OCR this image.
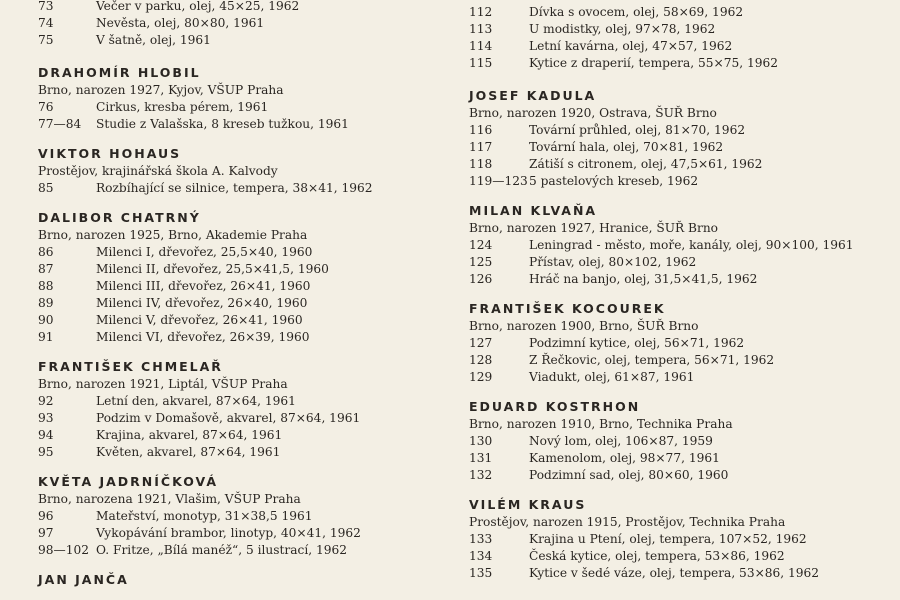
73	Večer v parku, olej, 45×25, 1962
74	Nevěsta, olej, 80×80, 1961
75	V šatně, olej, 1961
DRAHOMÍR HLOBIL
Brno, narozen 1927, Kyjov, VŠUP Praha
76	Cirkus, kresba pérem, 1961
77—84	Studie z Valašska, 8 kreseb tužkou, 1961
VIKTOR HOHAUS
Prostějov, krajinářská škola A. Kalvody
85	Rozbíhající se silnice, tempera, 38×41, 1962
DALIBOR CHATRNÝ
Brno, narozen 1925, Brno, Akademie Praha
86	Milenci I, dřevořez, 25,5×40, 1960
87	Milenci II, dřevořez, 25,5×41,5, 1960
88	Milenci III, dřevořez, 26×41, 1960
89	Milenci IV, dřevořez, 26×40, 1960
90	Milenci V, dřevořez, 26×41, 1960
91	Milenci VI, dřevořez, 26×39, 1960
FRANTIŠEK CHMELAŘ
Brno, narozen 1921, Liptál, VŠUP Praha
92	Letní den, akvarel, 87×64, 1961
93	Podzim v Domašově, akvarel, 87×64, 1961
94	Krajina, akvarel, 87×64, 1961
95	Květen, akvarel, 87×64, 1961
KVĚTA JADRNÍČKOVÁ
Brno, narozena 1921, Vlašim, VŠUP Praha
96	Mateřství, monotyp, 31×38,5 1961
97	Vykopávání brambor, linotyp, 40×41, 1962
98—102 O. Fritze, „Bílá manéž“, 5 ilustrací, 1962
JAN JANČA
112	Dívka s ovocem, olej, 58×69, 1962
113	U modistky, olej, 97×78, 1962
114	Letní kavárna, olej, 47×57, 1962
115	Kytice z draperií, tempera, 55×75, 1962
JOSEF KADULA
Brno, narozen 1920, Ostrava, ŠUŘ Brno
116	Tovární průhled, olej, 81×70, 1962
117	Tovární hala, olej, 70×81, 1962
118	Zátiší s citronem, olej, 47,5×61, 1962
119—123 5 pastelových kreseb, 1962
MILAN KLVAŇA
Brno, narozen 1927, Hranice, ŠUŘ Brno
124	Leningrad - město, moře, kanály, olej, 90×100, 1961
125	Přístav, olej, 80×102, 1962
126	Hráč na banjo, olej, 31,5×41,5, 1962
FRANTIŠEK KOCOUREK
Brno, narozen 1900, Brno, ŠUŘ Brno
127	Podzimní kytice, olej, 56×71, 1962
128	Z Řečkovic, olej, tempera, 56×71, 1962
129	Viadukt, olej, 61×87, 1961
EDUARD KOSTRHON
Brno, narozen 1910, Brno, Technika Praha
130	Nový lom, olej, 106×87, 1959
131	Kamenolom, olej, 98×77, 1961
132	Podzimní sad, olej, 80×60, 1960
VILÉM KRAUS
Prostějov, narozen 1915, Prostějov, Technika Praha
133	Krajina u Ptení, olej, tempera, 107×52, 1962
134	Česká kytice, olej, tempera, 53×86, 1962
135	Kytice v šedé váze, olej, tempera, 53×86, 1962
